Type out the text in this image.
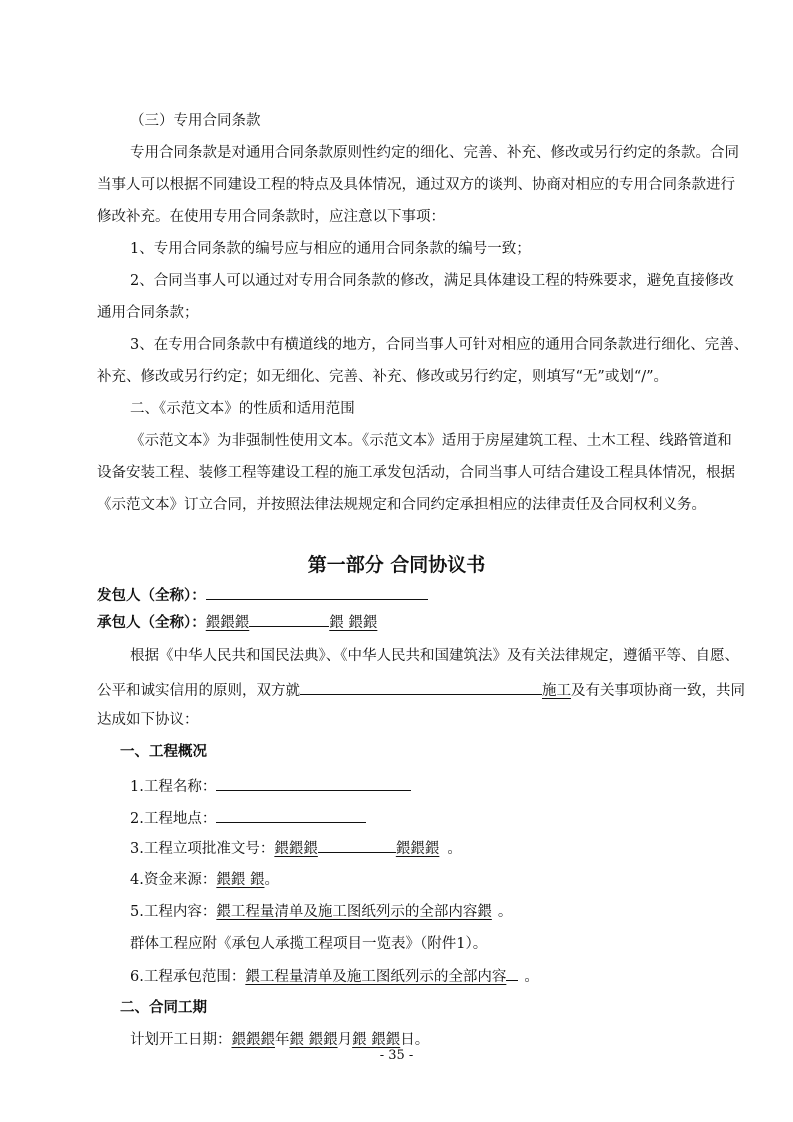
（三）专用合同条款
专用合同条款是对通用合同条款原则性约定的细化、完善、补充、修改或另行约定的条款。合同
当事人可以根据不同建设工程的特点及具体情况，通过双方的谈判、协商对相应的专用合同条款进行
修改补充。在使用专用合同条款时，应注意以下事项：
1、专用合同条款的编号应与相应的通用合同条款的编号一致；
2、合同当事人可以通过对专用合同条款的修改，满足具体建设工程的特殊要求，避免直接修改
通用合同条款；
3、在专用合同条款中有横道线的地方，合同当事人可针对相应的通用合同条款进行细化、完善、
补充、修改或另行约定；如无细化、完善、补充、修改或另行约定，则填写“无”或划“/”。
二、《示范文本》的性质和适用范围
《示范文本》为非强制性使用文本。《示范文本》适用于房屋建筑工程、土木工程、线路管道和
设备安装工程、装修工程等建设工程的施工承发包活动，合同当事人可结合建设工程具体情况，根据
《示范文本》订立合同，并按照法律法规规定和合同约定承担相应的法律责任及合同权利义务。
第一部分 合同协议书
发包人（全称）：
承包人（全称）：鍡鍡鍡	鍡 鍡鍡
根据《中华人民共和国民法典》、《中华人民共和国建筑法》及有关法律规定，遵循平等、自愿、
公平和诚实信用的原则，双方就	施工及有关事项协商一致，共同
达成如下协议：
一、工程概况
1.工程名称：
2.工程地点：
3.工程立项批准文号：鍡鍡鍡	鍡鍡鍡 。
4.资金来源：鍡鍡 鍡。
5.工程内容：鍡工程量清单及施工图纸列示的全部内容鍡 。
群体工程应附《承包人承揽工程项目一览表》（附件1）。
6.工程承包范围：鍡工程量清单及施工图纸列示的全部内容 。
二、合同工期
计划开工日期：鍡鍡鍡年鍡 鍡鍡月鍡 鍡鍡日。
- 35 -
